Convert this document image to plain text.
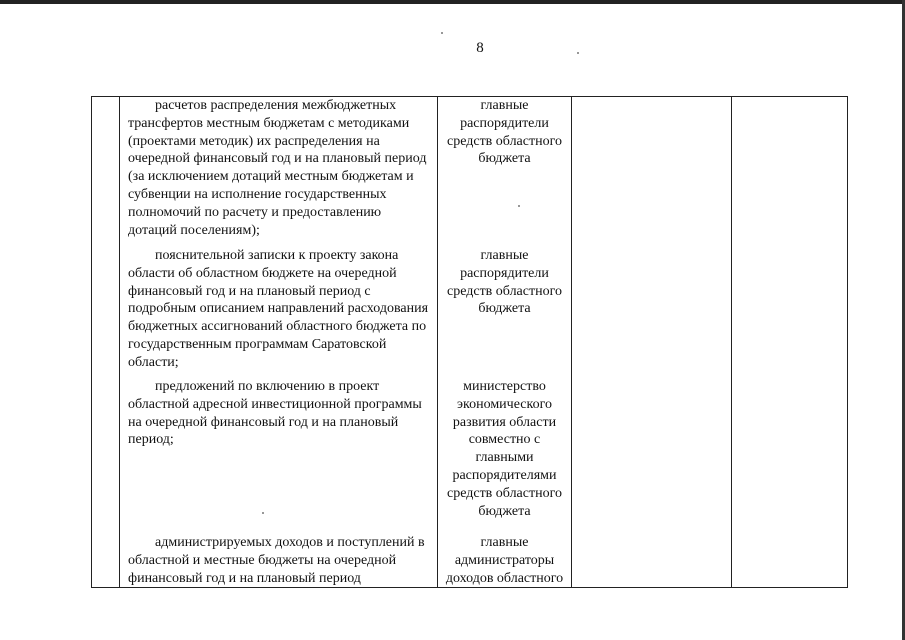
8

	расчетов распределения межбюджетных трансфертов местным бюджетам с методиками (проектами методик) их распределения на очередной финансовый год и на плановый период (за исключением дотаций местным бюджетам и субвенции на исполнение государственных полномочий по расчету и предоставлению дотаций поселениям);	главные распорядители средств областного бюджета		

	пояснительной записки к проекту закона области об областном бюджете на очередной финансовый год и на плановый период с подробным описанием направлений расходования бюджетных ассигнований областного бюджета по государственным программам Саратовской области;	главные распорядители средств областного бюджета		

	предложений по включению в проект областной адресной инвестиционной программы на очередной финансовый год и на плановый период;	министерство экономического развития области совместно с главными распорядителями средств областного бюджета		

	администрируемых доходов и поступлений в областной и местные бюджеты на очередной финансовый год и на плановый период	главные администраторы доходов областного		
